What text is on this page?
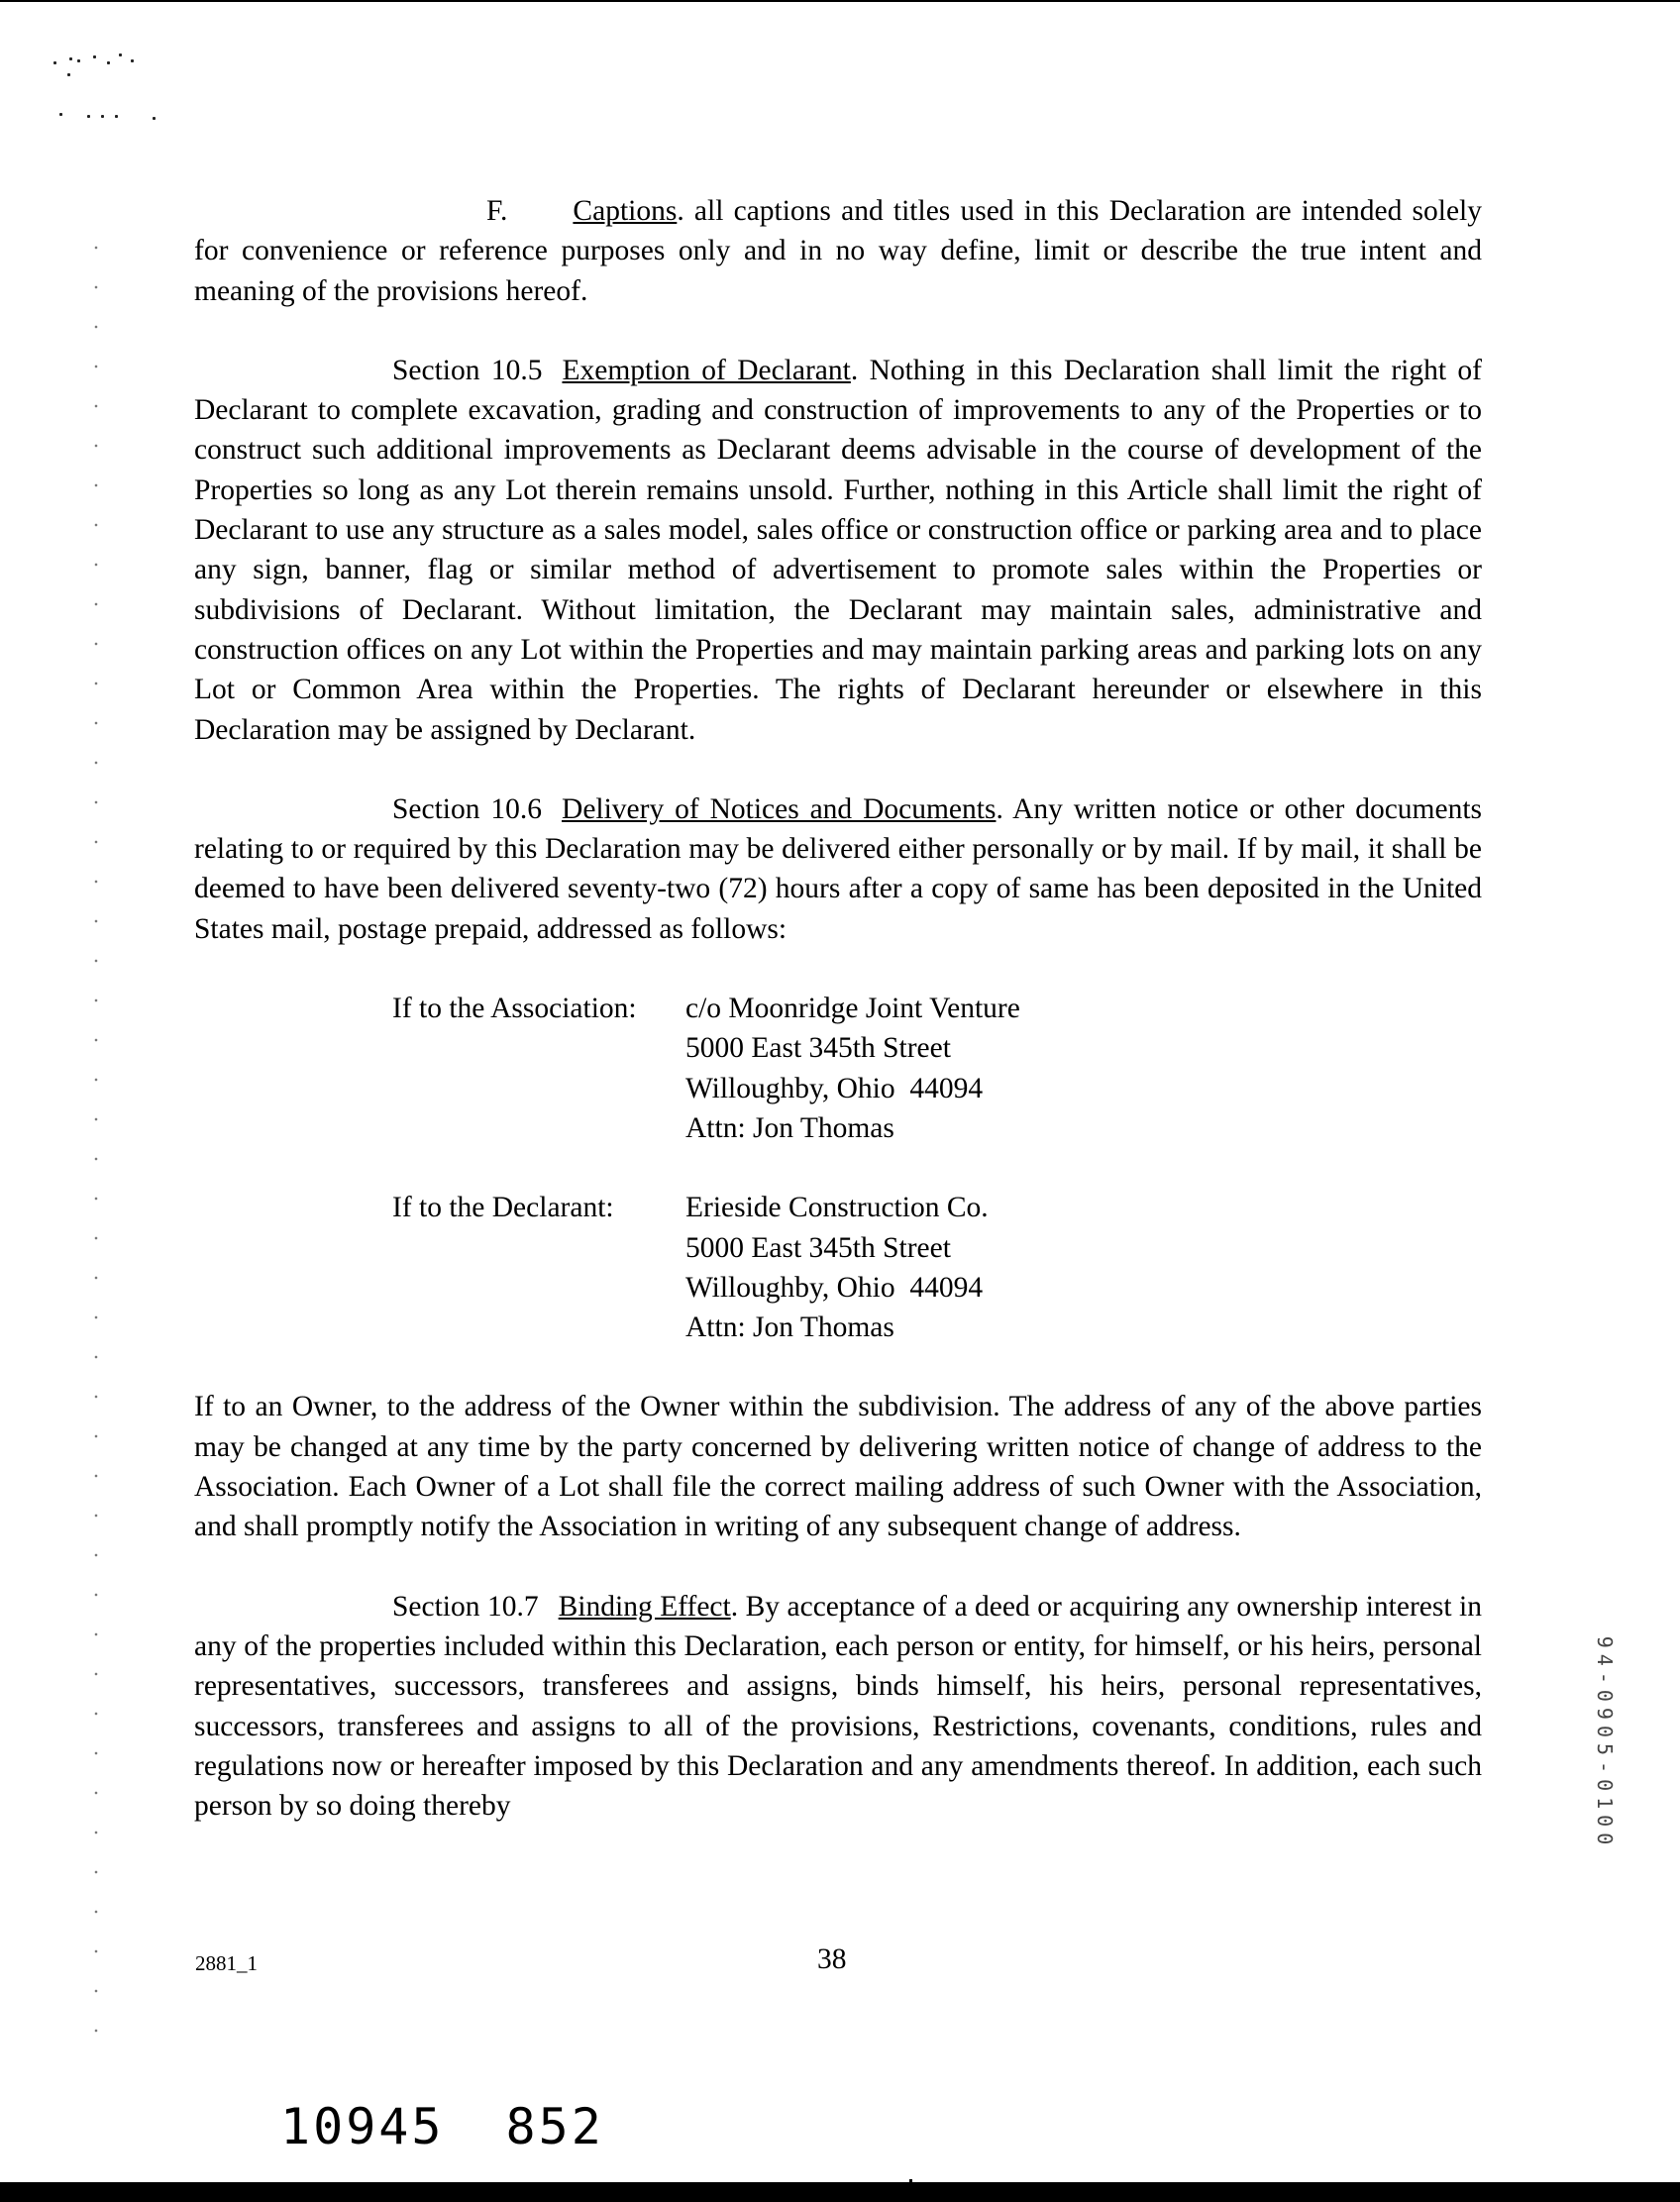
F. Captions. all captions and titles used in this Declaration are intended solely for convenience or reference purposes only and in no way define, limit or describe the true intent and meaning of the provisions hereof.

Section 10.5 Exemption of Declarant. Nothing in this Declaration shall limit the right of Declarant to complete excavation, grading and construction of improvements to any of the Properties or to construct such additional improvements as Declarant deems advisable in the course of development of the Properties so long as any Lot therein remains unsold. Further, nothing in this Article shall limit the right of Declarant to use any structure as a sales model, sales office or construction office or parking area and to place any sign, banner, flag or similar method of advertisement to promote sales within the Properties or subdivisions of Declarant. Without limitation, the Declarant may maintain sales, administrative and construction offices on any Lot within the Properties and may maintain parking areas and parking lots on any Lot or Common Area within the Properties. The rights of Declarant hereunder or elsewhere in this Declaration may be assigned by Declarant.

Section 10.6 Delivery of Notices and Documents. Any written notice or other documents relating to or required by this Declaration may be delivered either personally or by mail. If by mail, it shall be deemed to have been delivered seventy-two (72) hours after a copy of same has been deposited in the United States mail, postage prepaid, addressed as follows:

If to the Association:	c/o Moonridge Joint Venture
5000 East 345th Street
Willoughby, Ohio  44094
Attn: Jon Thomas
If to the Declarant:	Erieside Construction Co.
5000 East 345th Street
Willoughby, Ohio  44094
Attn: Jon Thomas

If to an Owner, to the address of the Owner within the subdivision. The address of any of the above parties may be changed at any time by the party concerned by delivering written notice of change of address to the Association. Each Owner of a Lot shall file the correct mailing address of such Owner with the Association, and shall promptly notify the Association in writing of any subsequent change of address.

Section 10.7 Binding Effect. By acceptance of a deed or acquiring any ownership interest in any of the properties included within this Declaration, each person or entity, for himself, or his heirs, personal representatives, successors, transferees and assigns, binds himself, his heirs, personal representatives, successors, transferees and assigns to all of the provisions, Restrictions, covenants, conditions, rules and regulations now or hereafter imposed by this Declaration and any amendments thereof. In addition, each such person by so doing thereby

2881_1	38
94-0905-0100
10945 852
